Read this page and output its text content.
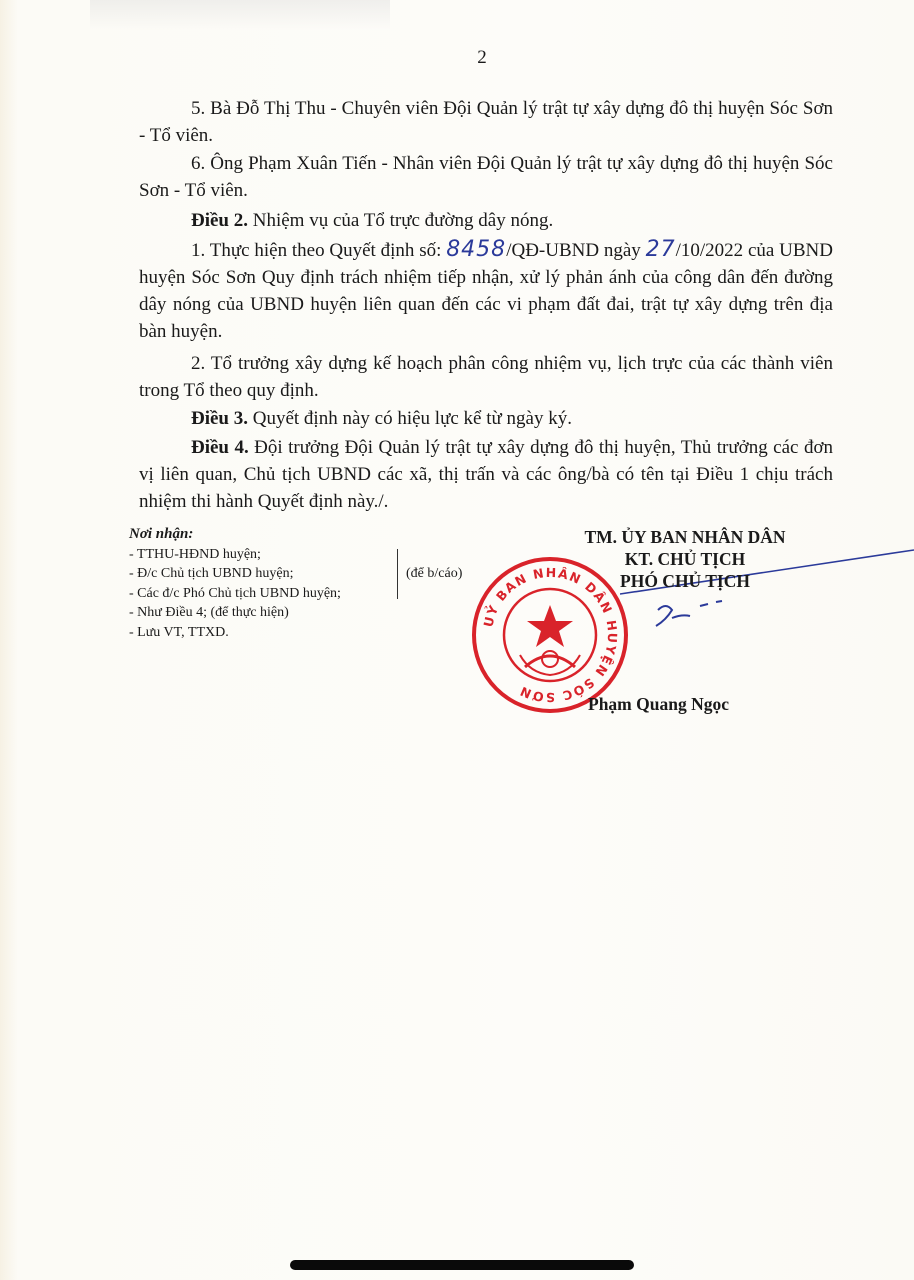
2
5. Bà Đỗ Thị Thu - Chuyên viên Đội Quản lý trật tự xây dựng đô thị huyện Sóc Sơn - Tổ viên.
6. Ông Phạm Xuân Tiến - Nhân viên Đội Quản lý trật tự xây dựng đô thị huyện Sóc Sơn - Tổ viên.
Điều 2. Nhiệm vụ của Tổ trực đường dây nóng.
1. Thực hiện theo Quyết định số: 8458/QĐ-UBND ngày 27/10/2022 của UBND huyện Sóc Sơn Quy định trách nhiệm tiếp nhận, xử lý phản ánh của công dân đến đường dây nóng của UBND huyện liên quan đến các vi phạm đất đai, trật tự xây dựng trên địa bàn huyện.
2. Tổ trưởng xây dựng kế hoạch phân công nhiệm vụ, lịch trực của các thành viên trong Tổ theo quy định.
Điều 3. Quyết định này có hiệu lực kể từ ngày ký.
Điều 4. Đội trưởng Đội Quản lý trật tự xây dựng đô thị huyện, Thủ trưởng các đơn vị liên quan, Chủ tịch UBND các xã, thị trấn và các ông/bà có tên tại Điều 1 chịu trách nhiệm thi hành Quyết định này./.
Nơi nhận:
- TTHU-HĐND huyện;
- Đ/c Chủ tịch UBND huyện;
- Các đ/c Phó Chủ tịch UBND huyện;
- Như Điều 4; (để thực hiện)
- Lưu VT, TTXD.
(để b/cáo)
UỶ BAN NHÂN DÂN HUYỆN SÓC SƠN
TM. ỦY BAN NHÂN DÂN
KT. CHỦ TỊCH
PHÓ CHỦ TỊCH
Phạm Quang Ngọc
